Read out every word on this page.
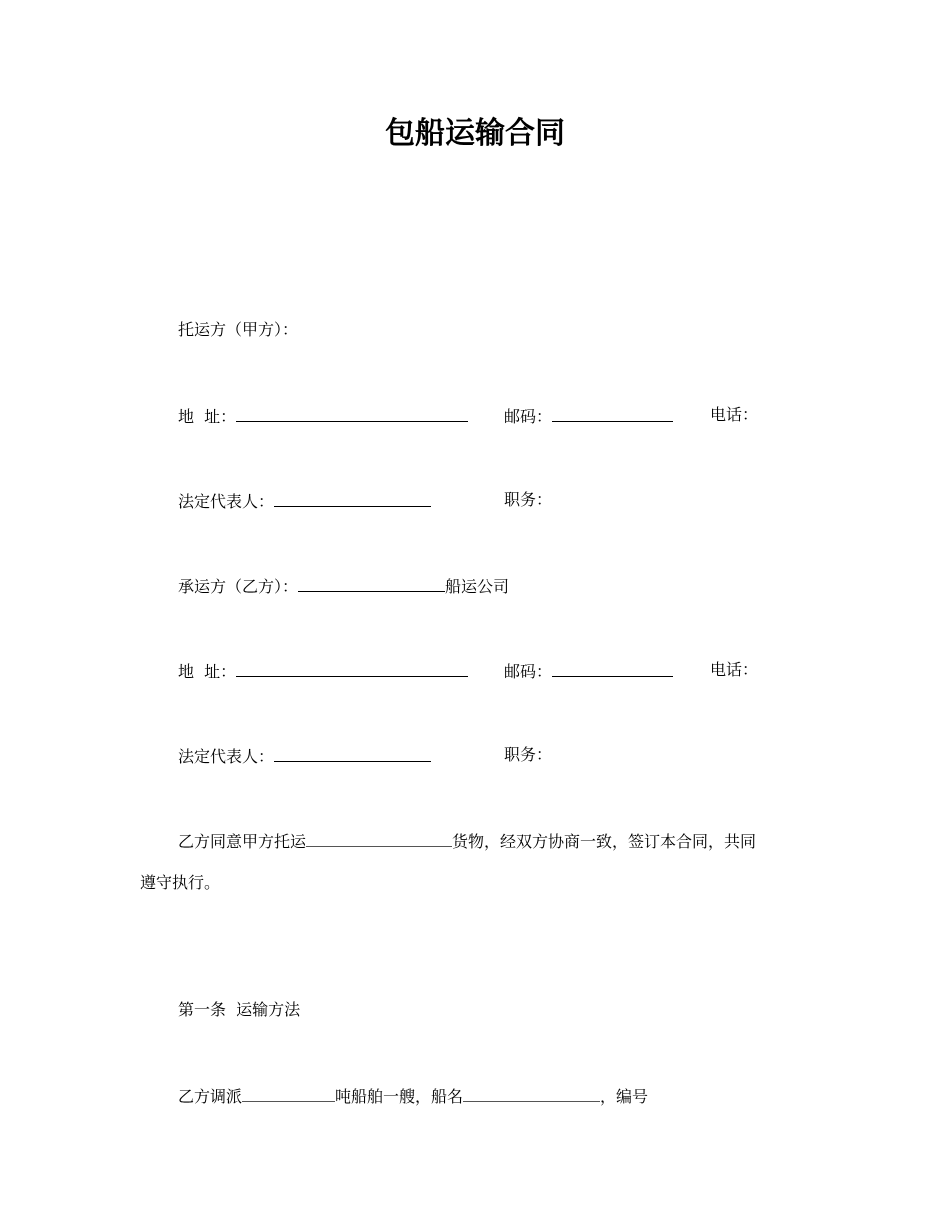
包船运输合同
托运方（甲方）：
地  址：	邮码：	电话：
法定代表人：	职务：
承运方（乙方）：	船运公司
地  址：	邮码：	电话：
法定代表人：	职务：
乙方同意甲方托运	货物，经双方协商一致，签订本合同，共同
遵守执行。
第一条  运输方法
乙方调派	吨船舶一艘，船名	，编号
